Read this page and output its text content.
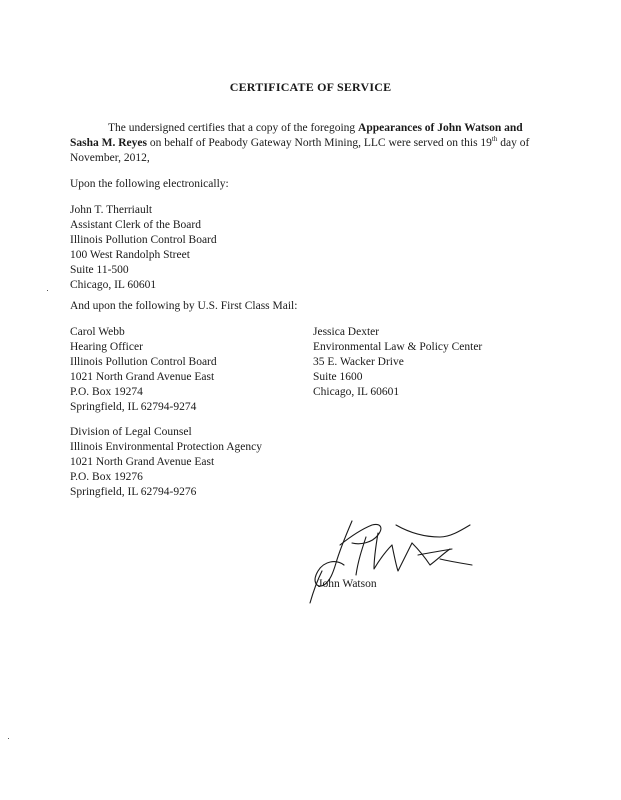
CERTIFICATE OF SERVICE
The undersigned certifies that a copy of the foregoing Appearances of John Watson and Sasha M. Reyes on behalf of Peabody Gateway North Mining, LLC were served on this 19th day of November, 2012,
Upon the following electronically:
John T. Therriault
Assistant Clerk of the Board
Illinois Pollution Control Board
100 West Randolph Street
Suite 11-500
Chicago, IL 60601
And upon the following by U.S. First Class Mail:
Carol Webb
Hearing Officer
Illinois Pollution Control Board
1021 North Grand Avenue East
P.O. Box 19274
Springfield, IL 62794-9274
Jessica Dexter
Environmental Law & Policy Center
35 E. Wacker Drive
Suite 1600
Chicago, IL 60601
Division of Legal Counsel
Illinois Environmental Protection Agency
1021 North Grand Avenue East
P.O. Box 19276
Springfield, IL 62794-9276
John Watson
